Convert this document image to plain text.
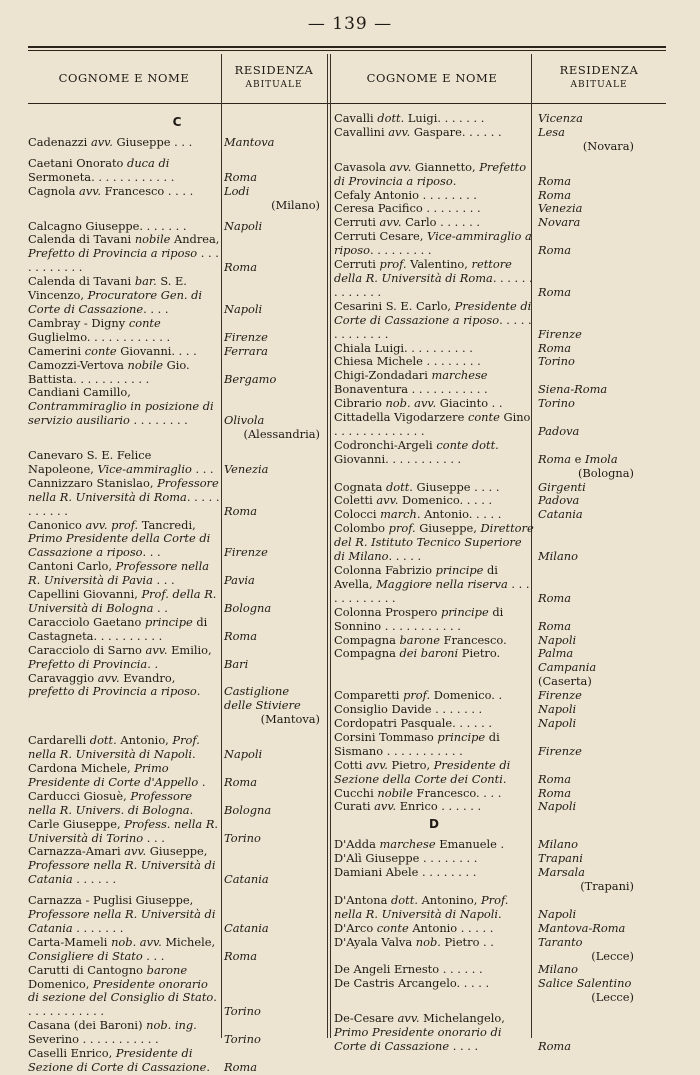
— 139 —
COGNOME E NOME
RESIDENZA
ABITUALE	COGNOME E NOME
RESIDENZA
ABITUALE
C
Cadenazzi avv. Giuseppe . . .	Mantova
Caetani Onorato duca di Sermoneta. . . . . . . . . . . .	Roma
Cagnola avv. Francesco . . . .	Lodi
(Milano)
Calcagno Giuseppe. . . . . . .	Napoli
Calenda di Tavani nobile Andrea, Prefetto di Provincia a riposo . . . . . . . . . . .	Roma
Calenda di Tavani bar. S. E. Vincenzo, Procuratore Gen. di Corte di Cassazione. . . .	Napoli
Cambray - Digny conte Guglielmo. . . . . . . . . . . .	Firenze
Camerini conte Giovanni. . . .	Ferrara
Camozzi-Vertova nobile Gio. Battista. . . . . . . . . . .	Bergamo
Candiani Camillo, Contrammiraglio in posizione di servizio ausiliario . . . . . . . .	Olivola
(Alessandria)
Canevaro S. E. Felice Napoleone, Vice-ammiraglio . . . Venezia
Cannizzaro Stanislao, Professore nella R. Università di Roma. . . . . . . . . . .	Roma
Canonico avv. prof. Tancredi, Primo Presidente della Corte di Cassazione a riposo. . .	Firenze
Cantoni Carlo, Professore nella R. Università di Pavia . . .	Pavia
Capellini Giovanni, Prof. della R. Università di Bologna . .	Bologna
Caracciolo Gaetano principe di Castagneta. . . . . . . . . .	Roma
Caracciolo di Sarno avv. Emilio, Prefetto di Provincia. .	Bari
Caravaggio avv. Evandro, prefetto di Provincia a riposo.	Castiglione delle Stiviere
(Mantova)
Cardarelli dott. Antonio, Prof. nella R. Università di Napoli.	Napoli
Cardona Michele, Primo Presidente di Corte d'Appello .	Roma
Carducci Giosuè, Professore nella R. Univers. di Bologna.	Bologna
Carle Giuseppe, Profess. nella R. Università di Torino . . .	Torino
Carnazza-Amari avv. Giuseppe, Professore nella R. Università di Catania . . . . . .	Catania
Carnazza - Puglisi Giuseppe, Professore nella R. Università di Catania . . . . . . .	Catania
Carta-Mameli nob. avv. Michele, Consigliere di Stato . . .	Roma
Carutti di Cantogno barone Domenico, Presidente onorario di sezione del Consiglio di Stato. . . . . . . . . . . .	Torino
Casana (dei Baroni) nob. ing. Severino . . . . . . . . . . .	Torino
Caselli Enrico, Presidente di Sezione di Corte di Cassazione.	Roma
Cavalli dott. Luigi. . . . . . .	Vicenza
Cavallini avv. Gaspare. . . . . .	Lesa
(Novara)
Cavasola avv. Giannetto, Prefetto di Provincia a riposo.	Roma
Cefaly Antonio . . . . . . . .	Roma
Ceresa Pacifico . . . . . . . .	Venezia
Cerruti avv. Carlo . . . . . .	Novara
Cerruti Cesare, Vice-ammiraglio a riposo. . . . . . . . .	Roma
Cerruti prof. Valentino, rettore della R. Università di Roma. . . . . . . . . . . . .	Roma
Cesarini S. E. Carlo, Presidente di Corte di Cassazione a riposo. . . . . . . . . . . . .	Firenze
Chiala Luigi. . . . . . . . . .	Roma
Chiesa Michele . . . . . . . .	Torino
Chigi-Zondadari marchese Bonaventura . . . . . . . . . . .	Siena-Roma
Cibrario nob. avv. Giacinto . .	Torino
Cittadella Vigodarzere conte Gino . . . . . . . . . . . . .	Padova
Codronchi-Argeli conte dott. Giovanni. . . . . . . . . . .	Roma e Imola
(Bologna)
Cognata dott. Giuseppe . . . .	Girgenti
Coletti avv. Domenico. . . . .	Padova
Colocci march. Antonio. . . . .	Catania
Colombo prof. Giuseppe, Direttore del R. Istituto Tecnico Superiore di Milano. . . . .	Milano
Colonna Fabrizio principe di Avella, Maggiore nella riserva . . . . . . . . . . . .	Roma
Colonna Prospero principe di Sonnino . . . . . . . . . . .	Roma
Compagna barone Francesco.	Napoli
Compagna dei baroni Pietro.	Palma Campania (Caserta)
Comparetti prof. Domenico. .	Firenze
Consiglio Davide . . . . . . .	Napoli
Cordopatri Pasquale. . . . . .	Napoli
Corsini Tommaso principe di Sismano . . . . . . . . . . .	Firenze
Cotti avv. Pietro, Presidente di Sezione della Corte dei Conti.	Roma
Cucchi nobile Francesco. . . .	Roma
Curati avv. Enrico . . . . . .	Napoli
D
D'Adda marchese Emanuele .	Milano
D'Alì Giuseppe . . . . . . . .	Trapani
Damiani Abele . . . . . . . .	Marsala
(Trapani)
D'Antona dott. Antonino, Prof. nella R. Università di Napoli.	Napoli
D'Arco conte Antonio . . . . .	Mantova-Roma
D'Ayala Valva nob. Pietro . .	Taranto
(Lecce)
De Angeli Ernesto . . . . . .	Milano
De Castris Arcangelo. . . . .	Salice Salentino
(Lecce)
De-Cesare avv. Michelangelo, Primo Presidente onorario di Corte di Cassazione . . . .	Roma
